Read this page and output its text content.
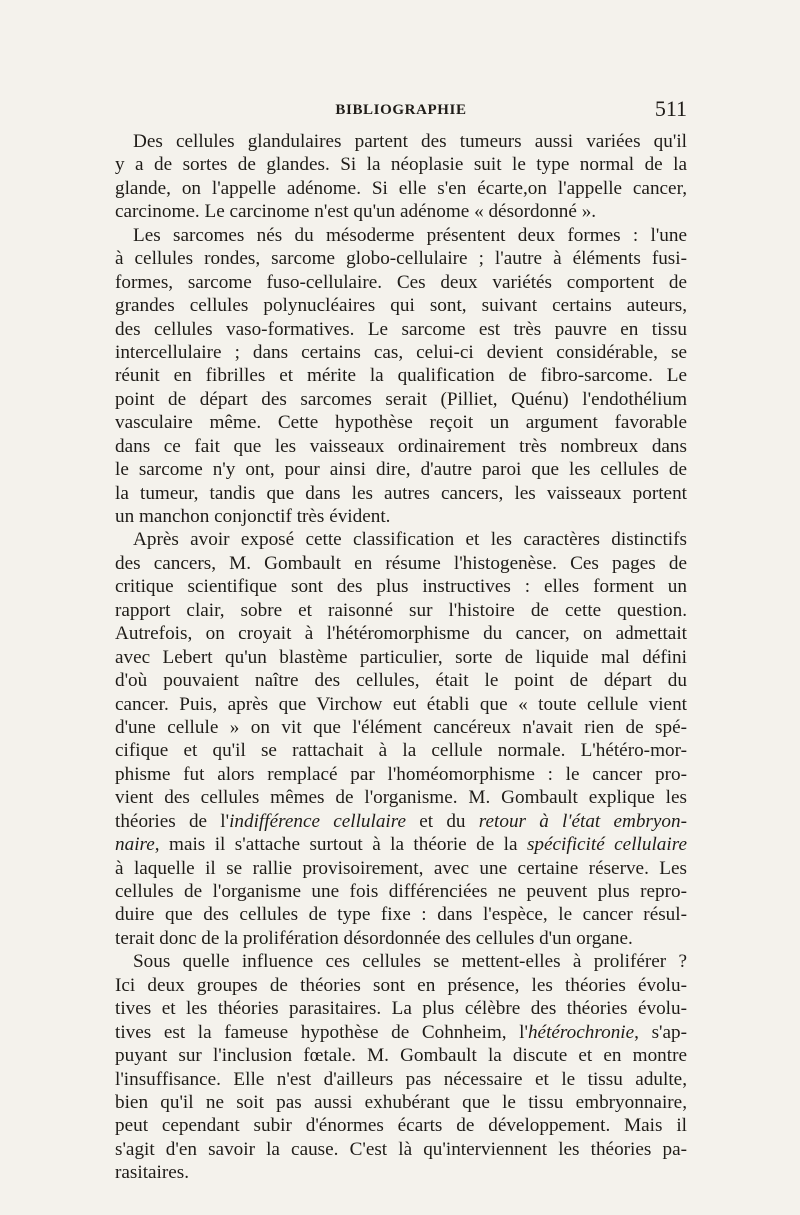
BIBLIOGRAPHIE	511
Des cellules glandulaires partent des tumeurs aussi variées qu'il
y a de sortes de glandes. Si la néoplasie suit le type normal de la
glande, on l'appelle adénome. Si elle s'en écarte,on l'appelle cancer,
carcinome. Le carcinome n'est qu'un adénome « désordonné ».
Les sarcomes nés du mésoderme présentent deux formes : l'une
à cellules rondes, sarcome globo-cellulaire ; l'autre à éléments fusi-
formes, sarcome fuso-cellulaire. Ces deux variétés comportent de
grandes cellules polynucléaires qui sont, suivant certains auteurs,
des cellules vaso-formatives. Le sarcome est très pauvre en tissu
intercellulaire ; dans certains cas, celui-ci devient considérable, se
réunit en fibrilles et mérite la qualification de fibro-sarcome. Le
point de départ des sarcomes serait (Pilliet, Quénu) l'endothélium
vasculaire même. Cette hypothèse reçoit un argument favorable
dans ce fait que les vaisseaux ordinairement très nombreux dans
le sarcome n'y ont, pour ainsi dire, d'autre paroi que les cellules de
la tumeur, tandis que dans les autres cancers, les vaisseaux portent
un manchon conjonctif très évident.
Après avoir exposé cette classification et les caractères distinctifs
des cancers, M. Gombault en résume l'histogenèse. Ces pages de
critique scientifique sont des plus instructives : elles forment un
rapport clair, sobre et raisonné sur l'histoire de cette question.
Autrefois, on croyait à l'hétéromorphisme du cancer, on admettait
avec Lebert qu'un blastème particulier, sorte de liquide mal défini
d'où pouvaient naître des cellules, était le point de départ du
cancer. Puis, après que Virchow eut établi que « toute cellule vient
d'une cellule » on vit que l'élément cancéreux n'avait rien de spé-
cifique et qu'il se rattachait à la cellule normale. L'hétéro-mor-
phisme fut alors remplacé par l'homéomorphisme : le cancer pro-
vient des cellules mêmes de l'organisme. M. Gombault explique les
théories de l'indifférence cellulaire et du retour à l'état embryon-
naire, mais il s'attache surtout à la théorie de la spécificité cellulaire
à laquelle il se rallie provisoirement, avec une certaine réserve. Les
cellules de l'organisme une fois différenciées ne peuvent plus repro-
duire que des cellules de type fixe : dans l'espèce, le cancer résul-
terait donc de la prolifération désordonnée des cellules d'un organe.
Sous quelle influence ces cellules se mettent-elles à proliférer ?
Ici deux groupes de théories sont en présence, les théories évolu-
tives et les théories parasitaires. La plus célèbre des théories évolu-
tives est la fameuse hypothèse de Cohnheim, l'hétérochronie, s'ap-
puyant sur l'inclusion fœtale. M. Gombault la discute et en montre
l'insuffisance. Elle n'est d'ailleurs pas nécessaire et le tissu adulte,
bien qu'il ne soit pas aussi exhubérant que le tissu embryonnaire,
peut cependant subir d'énormes écarts de développement. Mais il
s'agit d'en savoir la cause. C'est là qu'interviennent les théories pa-
rasitaires.
